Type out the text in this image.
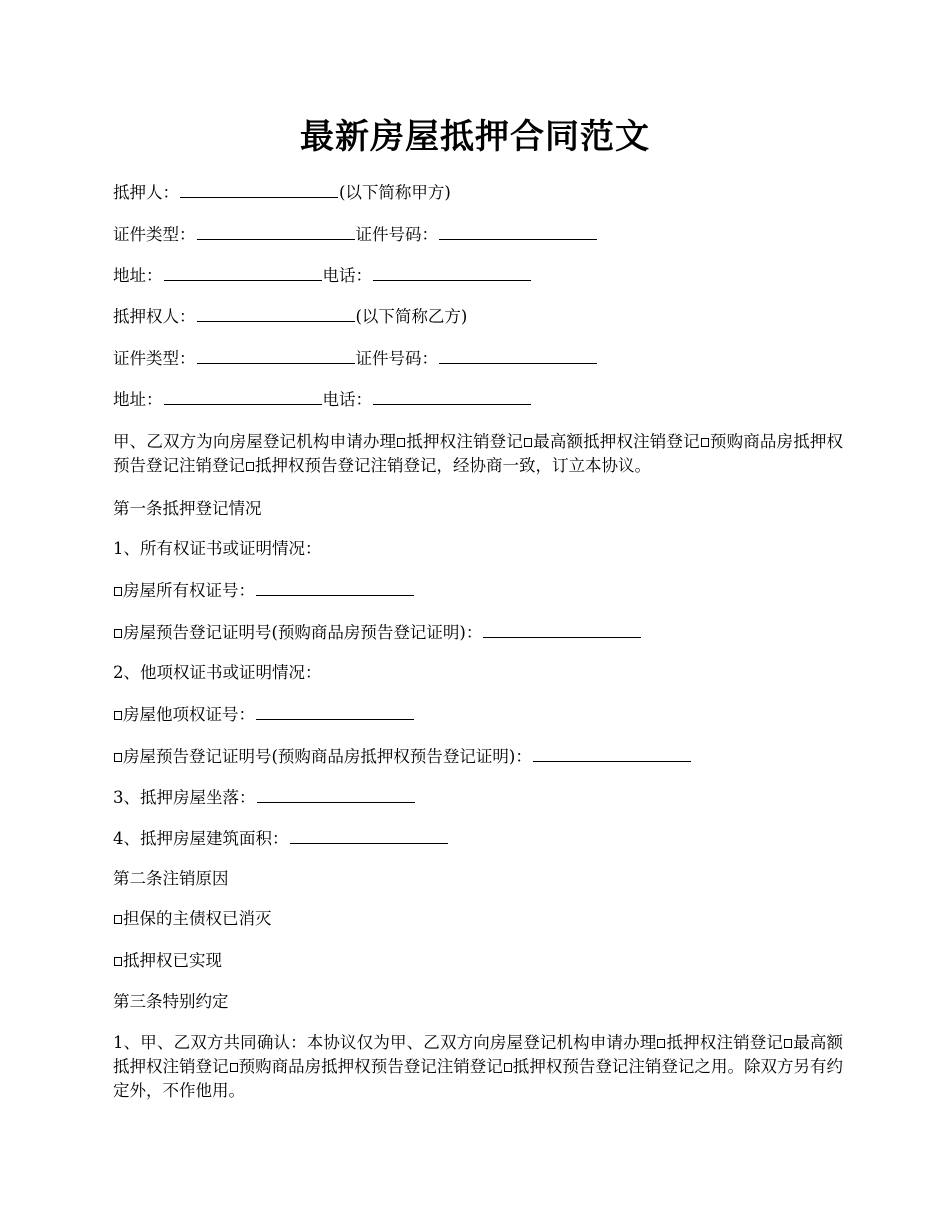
最新房屋抵押合同范文
抵押人：	(以下简称甲方)
证件类型：	证件号码：
地址：	电话：
抵押权人：	(以下简称乙方)
证件类型：	证件号码：
地址：	电话：
甲、乙双方为向房屋登记机构申请办理 抵押权注销登记 最高额抵押权注销登记 预购商品房抵押权预告登记注销登记 抵押权预告登记注销登记，经协商一致，订立本协议。
第一条抵押登记情况
1、所有权证书或证明情况：
房屋所有权证号：
房屋预告登记证明号(预购商品房预告登记证明)：
2、他项权证书或证明情况：
房屋他项权证号：
房屋预告登记证明号(预购商品房抵押权预告登记证明)：
3、抵押房屋坐落：
4、抵押房屋建筑面积：
第二条注销原因
担保的主债权已消灭
抵押权已实现
第三条特别约定
1、甲、乙双方共同确认：本协议仅为甲、乙双方向房屋登记机构申请办理 抵押权注销登记 最高额抵押权注销登记 预购商品房抵押权预告登记注销登记 抵押权预告登记注销登记之用。除双方另有约定外，不作他用。
